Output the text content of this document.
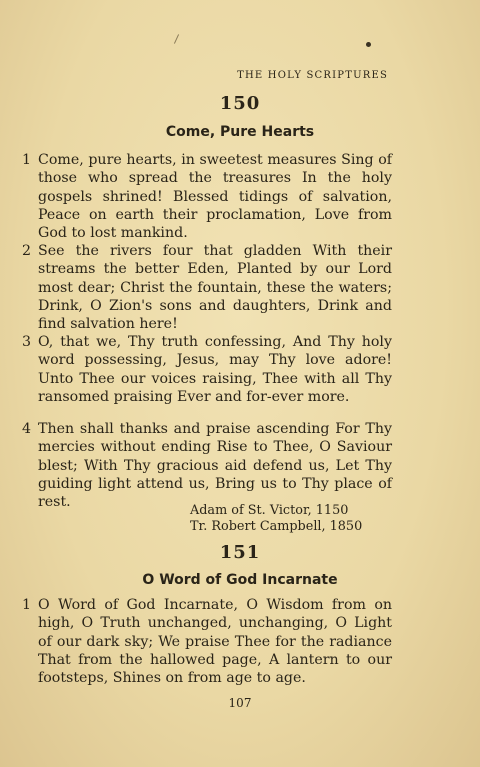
THE HOLY SCRIPTURES
150
Come, Pure Hearts
1 Come, pure hearts, in sweetest measures Sing of those who spread the treasures In the holy gospels shrined! Blessed tidings of salvation, Peace on earth their proclamation, Love from God to lost mankind.
2 See the rivers four that gladden With their streams the better Eden, Planted by our Lord most dear; Christ the fountain, these the waters; Drink, O Zion's sons and daughters, Drink and find salvation here!
3 O, that we, Thy truth confessing, And Thy holy word possessing, Jesus, may Thy love adore! Unto Thee our voices raising, Thee with all Thy ransomed praising Ever and for-ever more.
4 Then shall thanks and praise ascending For Thy mercies without ending Rise to Thee, O Saviour blest; With Thy gracious aid defend us, Let Thy guiding light attend us, Bring us to Thy place of rest.
Adam of St. Victor, 1150
Tr. Robert Campbell, 1850
151
O Word of God Incarnate
1 O Word of God Incarnate, O Wisdom from on high, O Truth unchanged, unchanging, O Light of our dark sky; We praise Thee for the radiance That from the hallowed page, A lantern to our footsteps, Shines on from age to age.
107
